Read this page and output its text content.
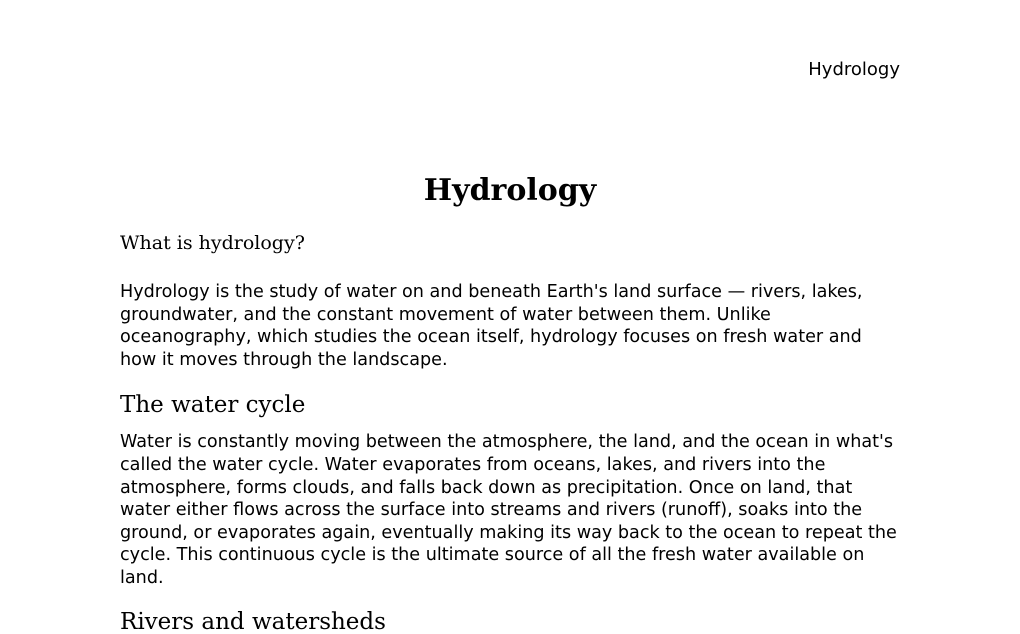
Hydrology
Hydrology
What is hydrology?

Hydrology is the study of water on and beneath Earth's land surface — rivers, lakes, groundwater, and the constant movement of water between them. Unlike oceanography, which studies the ocean itself, hydrology focuses on fresh water and how it moves through the landscape.

The water cycle

Water is constantly moving between the atmosphere, the land, and the ocean in what's called the water cycle. Water evaporates from oceans, lakes, and rivers into the atmosphere, forms clouds, and falls back down as precipitation. Once on land, that water either flows across the surface into streams and rivers (runoff), soaks into the ground, or evaporates again, eventually making its way back to the ocean to repeat the cycle. This continuous cycle is the ultimate source of all the fresh water available on land.

Rivers and watersheds
